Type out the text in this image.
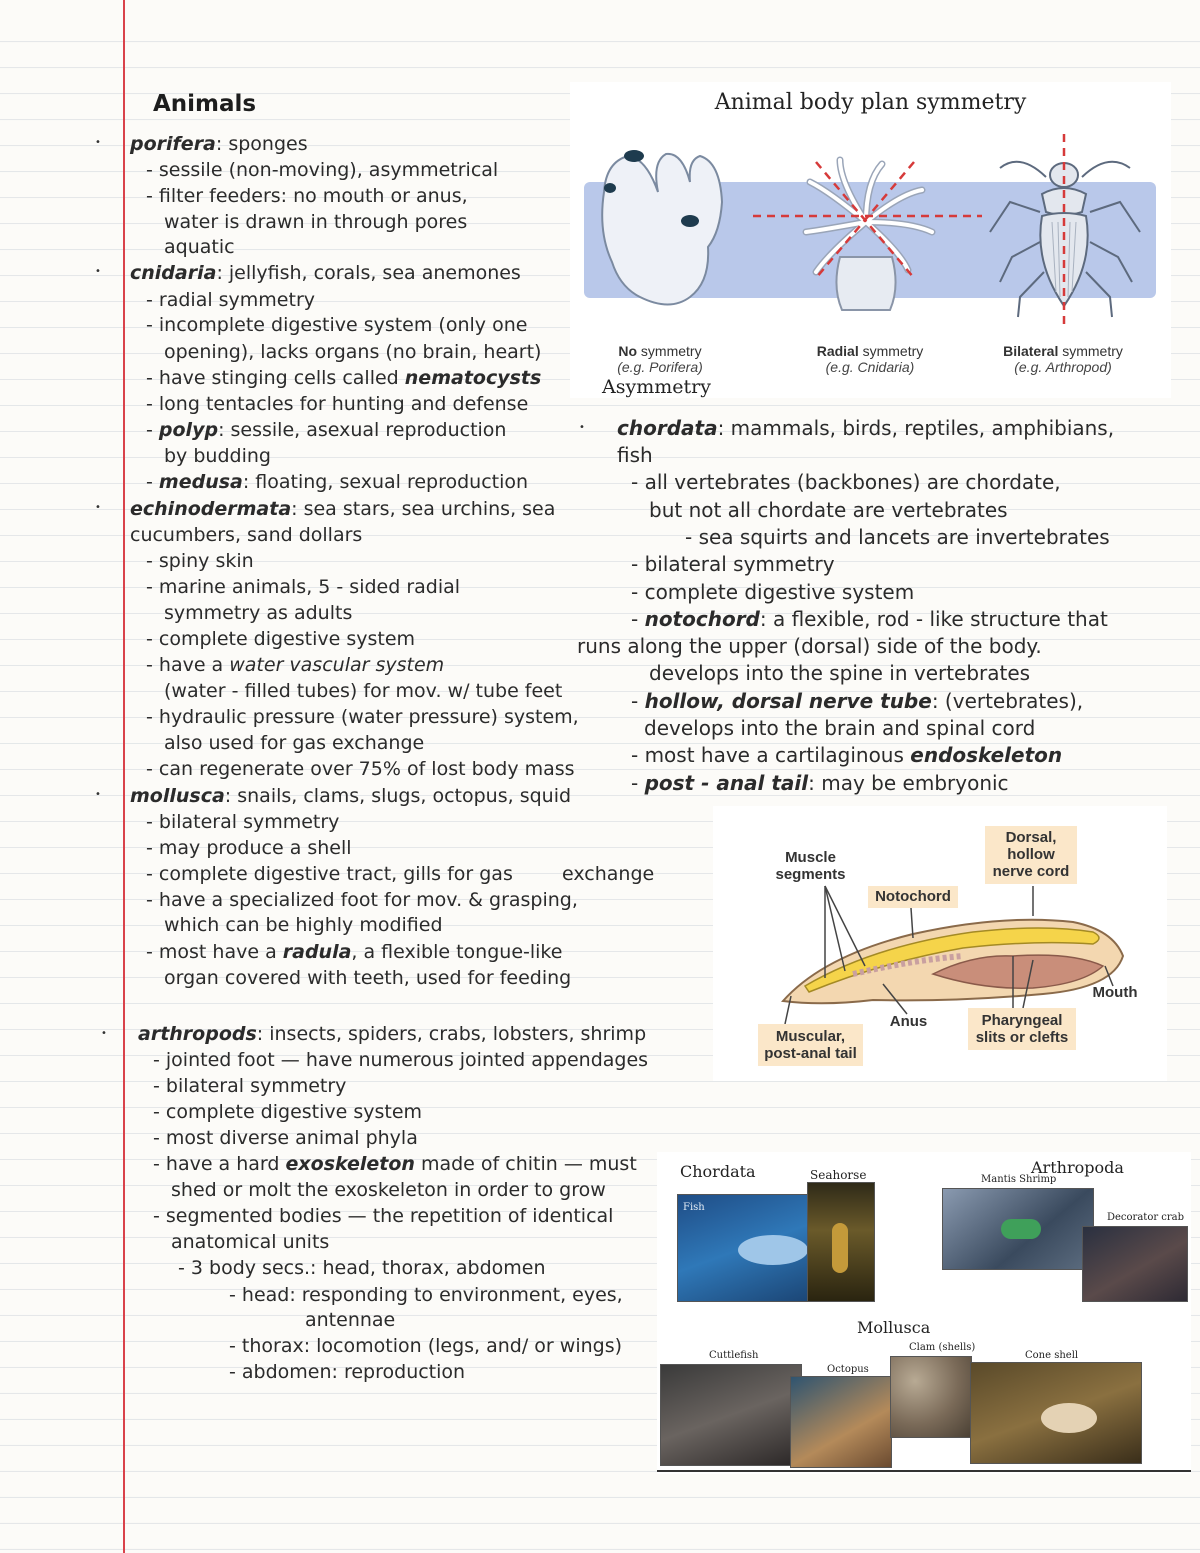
Animals
• porifera: sponges
- sessile (non-moving), asymmetrical
- filter feeders: no mouth or anus,
water is drawn in through pores
aquatic
• cnidaria: jellyfish, corals, sea anemones
- radial symmetry
- incomplete digestive system (only one
opening), lacks organs (no brain, heart)
- have stinging cells called nematocysts
- long tentacles for hunting and defense
- polyp: sessile, asexual reproduction
by budding
- medusa: floating, sexual reproduction
• echinodermata: sea stars, sea urchins, sea
cucumbers, sand dollars
- spiny skin
- marine animals, 5 - sided radial
symmetry as adults
- complete digestive system
- have a water vascular system
(water - filled tubes) for mov. w/ tube feet
- hydraulic pressure (water pressure) system,
also used for gas exchange
- can regenerate over 75% of lost body mass
• mollusca: snails, clams, slugs, octopus, squid
- bilateral symmetry
- may produce a shell
- complete digestive tract, gills for gas	exchange
- have a specialized foot for mov. & grasping,
which can be highly modified
- most have a radula, a flexible tongue-like
organ covered with teeth, used for feeding
• arthropods: insects, spiders, crabs, lobsters, shrimp
- jointed foot — have numerous jointed appendages
- bilateral symmetry
- complete digestive system
- most diverse animal phyla
- have a hard exoskeleton made of chitin — must
shed or molt the exoskeleton in order to grow
- segmented bodies — the repetition of identical
anatomical units
- 3 body secs.: head, thorax, abdomen
- head: responding to environment, eyes,
antennae
- thorax: locomotion (legs, and/ or wings)
- abdomen: reproduction
Animal body plan symmetry
No symmetry
(e.g. Porifera)
Radial symmetry
(e.g. Cnidaria)
Bilateral symmetry
(e.g. Arthropod)
Asymmetry
• chordata: mammals, birds, reptiles, amphibians,
fish
- all vertebrates (backbones) are chordate,
but not all chordate are vertebrates
- sea squirts and lancets are invertebrates
- bilateral symmetry
- complete digestive system
- notochord: a flexible, rod - like structure that
runs along the upper (dorsal) side of the body.
develops into the spine in vertebrates
- hollow, dorsal nerve tube: (vertebrates),
develops into the brain and spinal cord
- most have a cartilaginous endoskeleton
- post - anal tail: may be embryonic
Muscle
segments
Notochord
Dorsal,
hollow
nerve cord
Mouth
Anus	Pharyngeal
slits or clefts
Muscular,
post-anal tail
Chordata	Seahorse
Fish
Arthropoda
Mantis Shrimp
Decorator crab
Mollusca
Cuttlefish
Octopus
Clam (shells)
Cone shell
